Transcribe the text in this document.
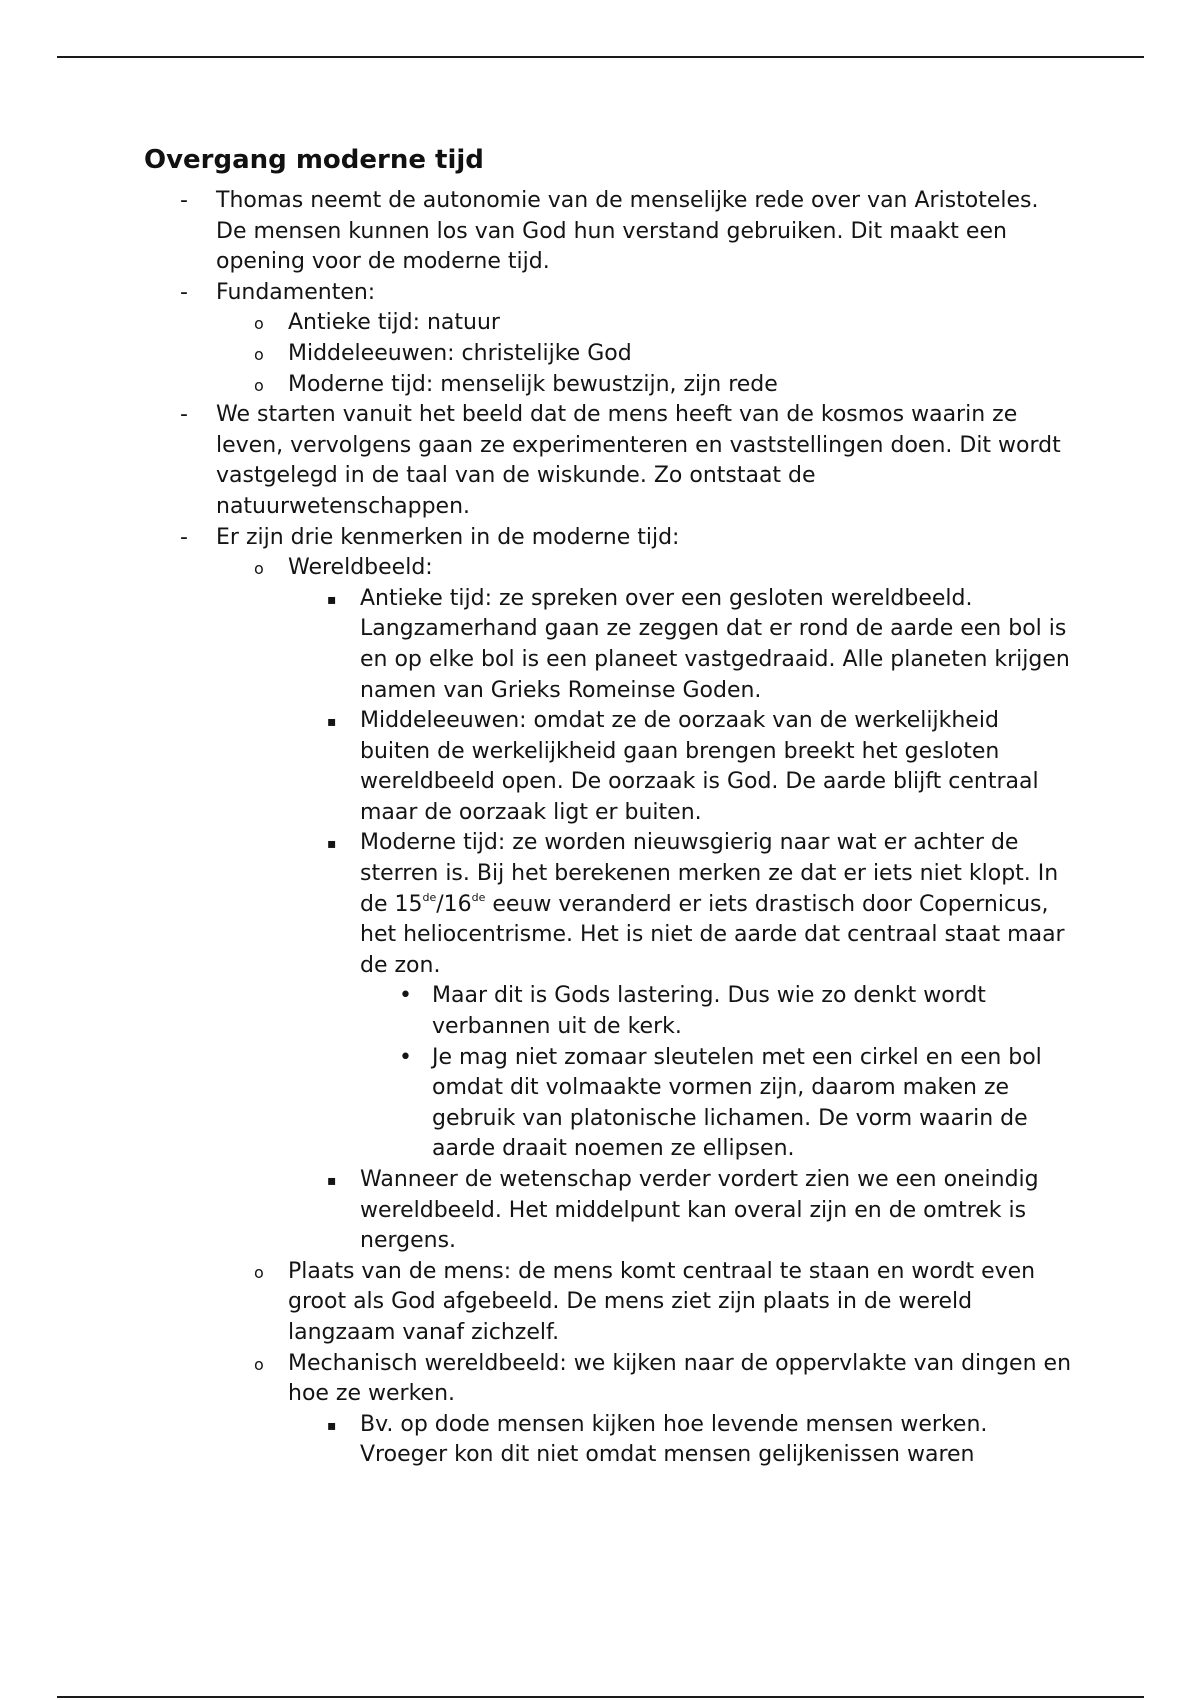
Overgang moderne tijd
- Thomas neemt de autonomie van de menselijke rede over van Aristoteles. De mensen kunnen los van God hun verstand gebruiken. Dit maakt een opening voor de moderne tijd.
- Fundamenten:
o Antieke tijd: natuur
o Middeleeuwen: christelijke God
o Moderne tijd: menselijk bewustzijn, zijn rede
- We starten vanuit het beeld dat de mens heeft van de kosmos waarin ze leven, vervolgens gaan ze experimenteren en vaststellingen doen. Dit wordt vastgelegd in de taal van de wiskunde. Zo ontstaat de natuurwetenschappen.
- Er zijn drie kenmerken in de moderne tijd:
o Wereldbeeld:
▪ Antieke tijd: ze spreken over een gesloten wereldbeeld. Langzamerhand gaan ze zeggen dat er rond de aarde een bol is en op elke bol is een planeet vastgedraaid. Alle planeten krijgen namen van Grieks Romeinse Goden.
▪ Middeleeuwen: omdat ze de oorzaak van de werkelijkheid buiten de werkelijkheid gaan brengen breekt het gesloten wereldbeeld open. De oorzaak is God. De aarde blijft centraal maar de oorzaak ligt er buiten.
▪ Moderne tijd: ze worden nieuwsgierig naar wat er achter de sterren is. Bij het berekenen merken ze dat er iets niet klopt. In de 15de/16de eeuw veranderd er iets drastisch door Copernicus, het heliocentrisme. Het is niet de aarde dat centraal staat maar de zon.
• Maar dit is Gods lastering. Dus wie zo denkt wordt verbannen uit de kerk.
• Je mag niet zomaar sleutelen met een cirkel en een bol omdat dit volmaakte vormen zijn, daarom maken ze gebruik van platonische lichamen. De vorm waarin de aarde draait noemen ze ellipsen.
▪ Wanneer de wetenschap verder vordert zien we een oneindig wereldbeeld. Het middelpunt kan overal zijn en de omtrek is nergens.
o Plaats van de mens: de mens komt centraal te staan en wordt even groot als God afgebeeld. De mens ziet zijn plaats in de wereld langzaam vanaf zichzelf.
o Mechanisch wereldbeeld: we kijken naar de oppervlakte van dingen en hoe ze werken.
▪ Bv. op dode mensen kijken hoe levende mensen werken. Vroeger kon dit niet omdat mensen gelijkenissen waren
